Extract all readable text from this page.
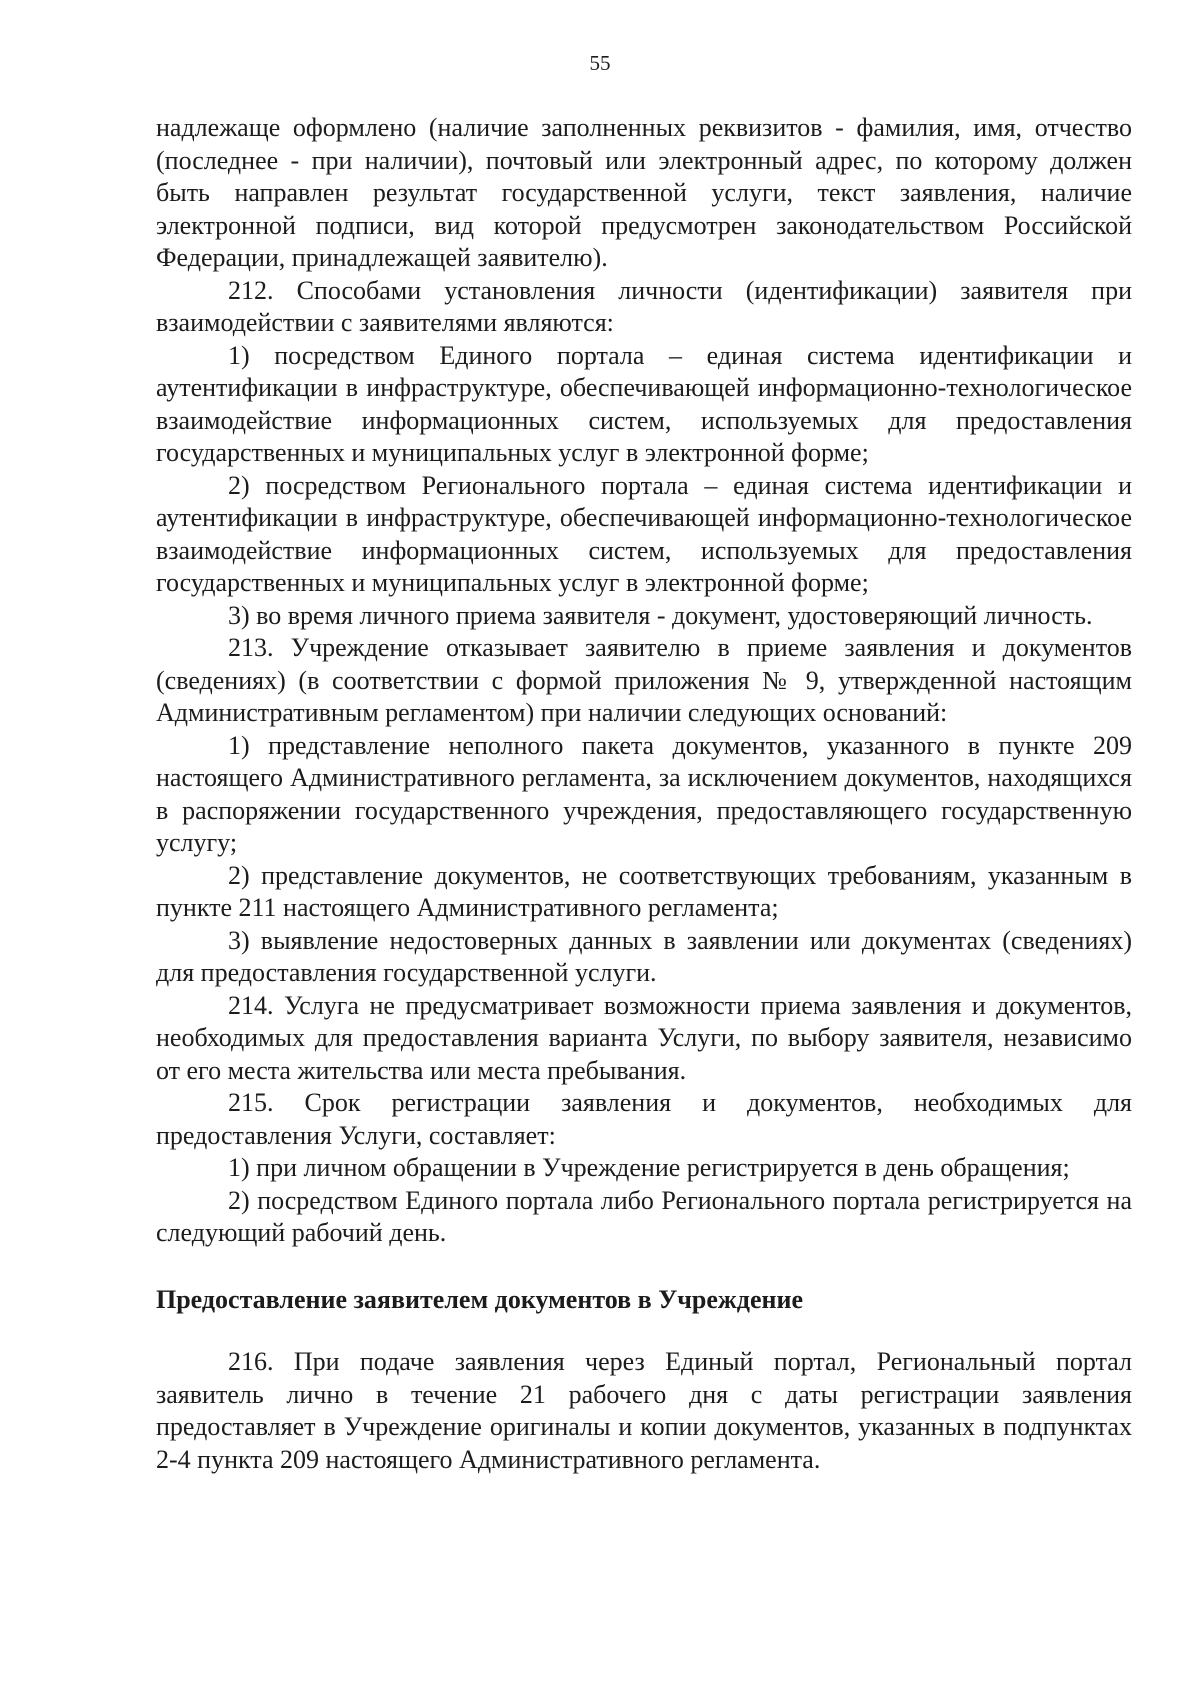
55

надлежаще оформлено (наличие заполненных реквизитов - фамилия, имя, отчество (последнее - при наличии), почтовый или электронный адрес, по которому должен быть направлен результат государственной услуги, текст заявления, наличие электронной подписи, вид которой предусмотрен законодательством Российской Федерации, принадлежащей заявителю).

212. Способами установления личности (идентификации) заявителя при взаимодействии с заявителями являются:

1) посредством Единого портала – единая система идентификации и аутентификации в инфраструктуре, обеспечивающей информационно-технологическое взаимодействие информационных систем, используемых для предоставления государственных и муниципальных услуг в электронной форме;

2) посредством Регионального портала – единая система идентификации и аутентификации в инфраструктуре, обеспечивающей информационно-технологическое взаимодействие информационных систем, используемых для предоставления государственных и муниципальных услуг в электронной форме;

3) во время личного приема заявителя - документ, удостоверяющий личность.

213. Учреждение отказывает заявителю в приеме заявления и документов (сведениях) (в соответствии с формой приложения № 9, утвержденной настоящим Административным регламентом) при наличии следующих оснований:

1) представление неполного пакета документов, указанного в пункте 209 настоящего Административного регламента, за исключением документов, находящихся в распоряжении государственного учреждения, предоставляющего государственную услугу;

2) представление документов, не соответствующих требованиям, указанным в пункте 211 настоящего Административного регламента;

3) выявление недостоверных данных в заявлении или документах (сведениях) для предоставления государственной услуги.

214. Услуга не предусматривает возможности приема заявления и документов, необходимых для предоставления варианта Услуги, по выбору заявителя, независимо от его места жительства или места пребывания.

215. Срок регистрации заявления и документов, необходимых для предоставления Услуги, составляет:

1) при личном обращении в Учреждение регистрируется в день обращения;

2) посредством Единого портала либо Регионального портала регистрируется на следующий рабочий день.

Предоставление заявителем документов в Учреждение

216. При подаче заявления через Единый портал, Региональный портал заявитель лично в течение 21 рабочего дня с даты регистрации заявления предоставляет в Учреждение оригиналы и копии документов, указанных в подпунктах 2-4 пункта 209 настоящего Административного регламента.
